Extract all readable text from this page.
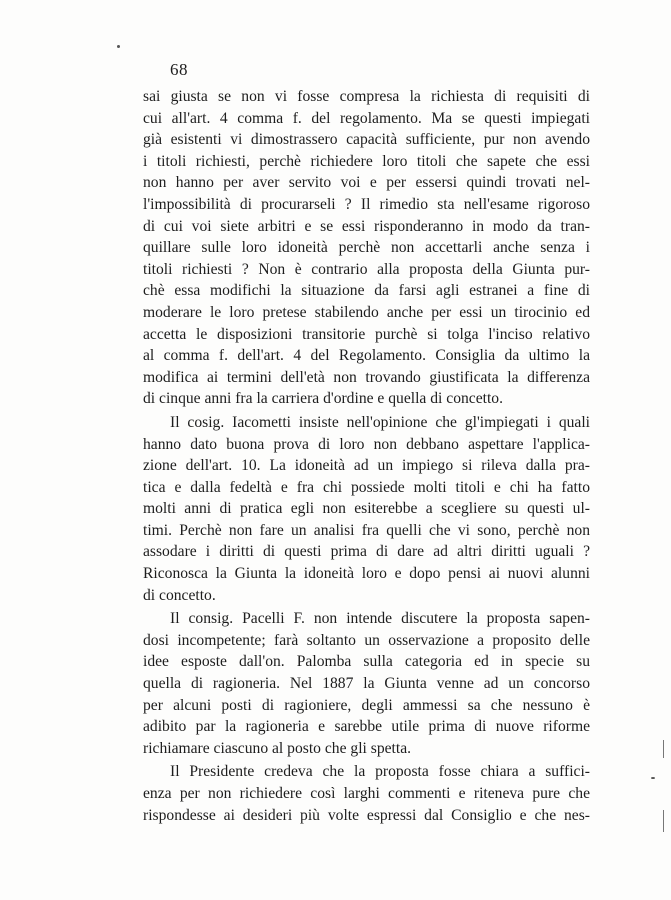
68
sai giusta se non vi fosse compresa la richiesta di requisiti di
cui all'art. 4 comma f. del regolamento. Ma se questi impiegati
già esistenti vi dimostrassero capacità sufficiente, pur non avendo
i titoli richiesti, perchè richiedere loro titoli che sapete che essi
non hanno per aver servito voi e per essersi quindi trovati nel-
l'impossibilità di procurarseli ? Il rimedio sta nell'esame rigoroso
di cui voi siete arbitri e se essi risponderanno in modo da tran-
quillare sulle loro idoneità perchè non accettarli anche senza i
titoli richiesti ? Non è contrario alla proposta della Giunta pur-
chè essa modifichi la situazione da farsi agli estranei a fine di
moderare le loro pretese stabilendo anche per essi un tirocinio ed
accetta le disposizioni transitorie purchè si tolga l'inciso relativo
al comma f. dell'art. 4 del Regolamento. Consiglia da ultimo la
modifica ai termini dell'età non trovando giustificata la differenza
di cinque anni fra la carriera d'ordine e quella di concetto.
Il cosig. Iacometti insiste nell'opinione che gl'impiegati i quali
hanno dato buona prova di loro non debbano aspettare l'applica-
zione dell'art. 10. La idoneità ad un impiego si rileva dalla pra-
tica e dalla fedeltà e fra chi possiede molti titoli e chi ha fatto
molti anni di pratica egli non esiterebbe a scegliere su questi ul-
timi. Perchè non fare un analisi fra quelli che vi sono, perchè non
assodare i diritti di questi prima di dare ad altri diritti uguali ?
Riconosca la Giunta la idoneità loro e dopo pensi ai nuovi alunni
di concetto.
Il consig. Pacelli F. non intende discutere la proposta sapen-
dosi incompetente; farà soltanto un osservazione a proposito delle
idee esposte dall'on. Palomba sulla categoria ed in specie su
quella di ragioneria. Nel 1887 la Giunta venne ad un concorso
per alcuni posti di ragioniere, degli ammessi sa che nessuno è
adibito par la ragioneria e sarebbe utile prima di nuove riforme
richiamare ciascuno al posto che gli spetta.
Il Presidente credeva che la proposta fosse chiara a suffici-
enza per non richiedere così larghi commenti e riteneva pure che
rispondesse ai desideri più volte espressi dal Consiglio e che nes-
